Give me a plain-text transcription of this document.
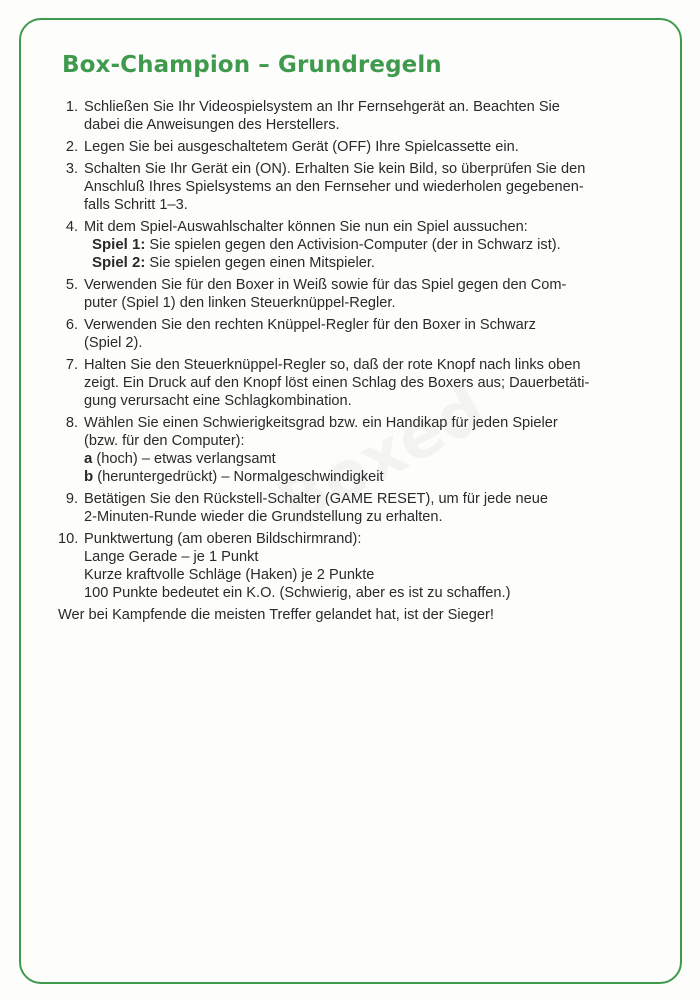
Box-Champion – Grundregeln
1. Schließen Sie Ihr Videospielsystem an Ihr Fernsehgerät an. Beachten Sie
dabei die Anweisungen des Herstellers.
2. Legen Sie bei ausgeschaltetem Gerät (OFF) Ihre Spielcassette ein.
3. Schalten Sie Ihr Gerät ein (ON). Erhalten Sie kein Bild, so überprüfen Sie den
Anschluß Ihres Spielsystems an den Fernseher und wiederholen gegebenen-
falls Schritt 1–3.
4. Mit dem Spiel-Auswahlschalter können Sie nun ein Spiel aussuchen:
Spiel 1: Sie spielen gegen den Activision-Computer (der in Schwarz ist).
Spiel 2: Sie spielen gegen einen Mitspieler.
5. Verwenden Sie für den Boxer in Weiß sowie für das Spiel gegen den Com-
puter (Spiel 1) den linken Steuerknüppel-Regler.
6. Verwenden Sie den rechten Knüppel-Regler für den Boxer in Schwarz
(Spiel 2).
7. Halten Sie den Steuerknüppel-Regler so, daß der rote Knopf nach links oben
zeigt. Ein Druck auf den Knopf löst einen Schlag des Boxers aus; Dauerbetäti-
gung verursacht eine Schlagkombination.
8. Wählen Sie einen Schwierigkeitsgrad bzw. ein Handikap für jeden Spieler
(bzw. für den Computer):
a (hoch) – etwas verlangsamt
b (heruntergedrückt) – Normalgeschwindigkeit
9. Betätigen Sie den Rückstell-Schalter (GAME RESET), um für jede neue
2-Minuten-Runde wieder die Grundstellung zu erhalten.
10. Punktwertung (am oberen Bildschirmrand):
Lange Gerade – je 1 Punkt
Kurze kraftvolle Schläge (Haken) je 2 Punkte
100 Punkte bedeutet ein K.O. (Schwierig, aber es ist zu schaffen.)
Wer bei Kampfende die meisten Treffer gelandet hat, ist der Sieger!
